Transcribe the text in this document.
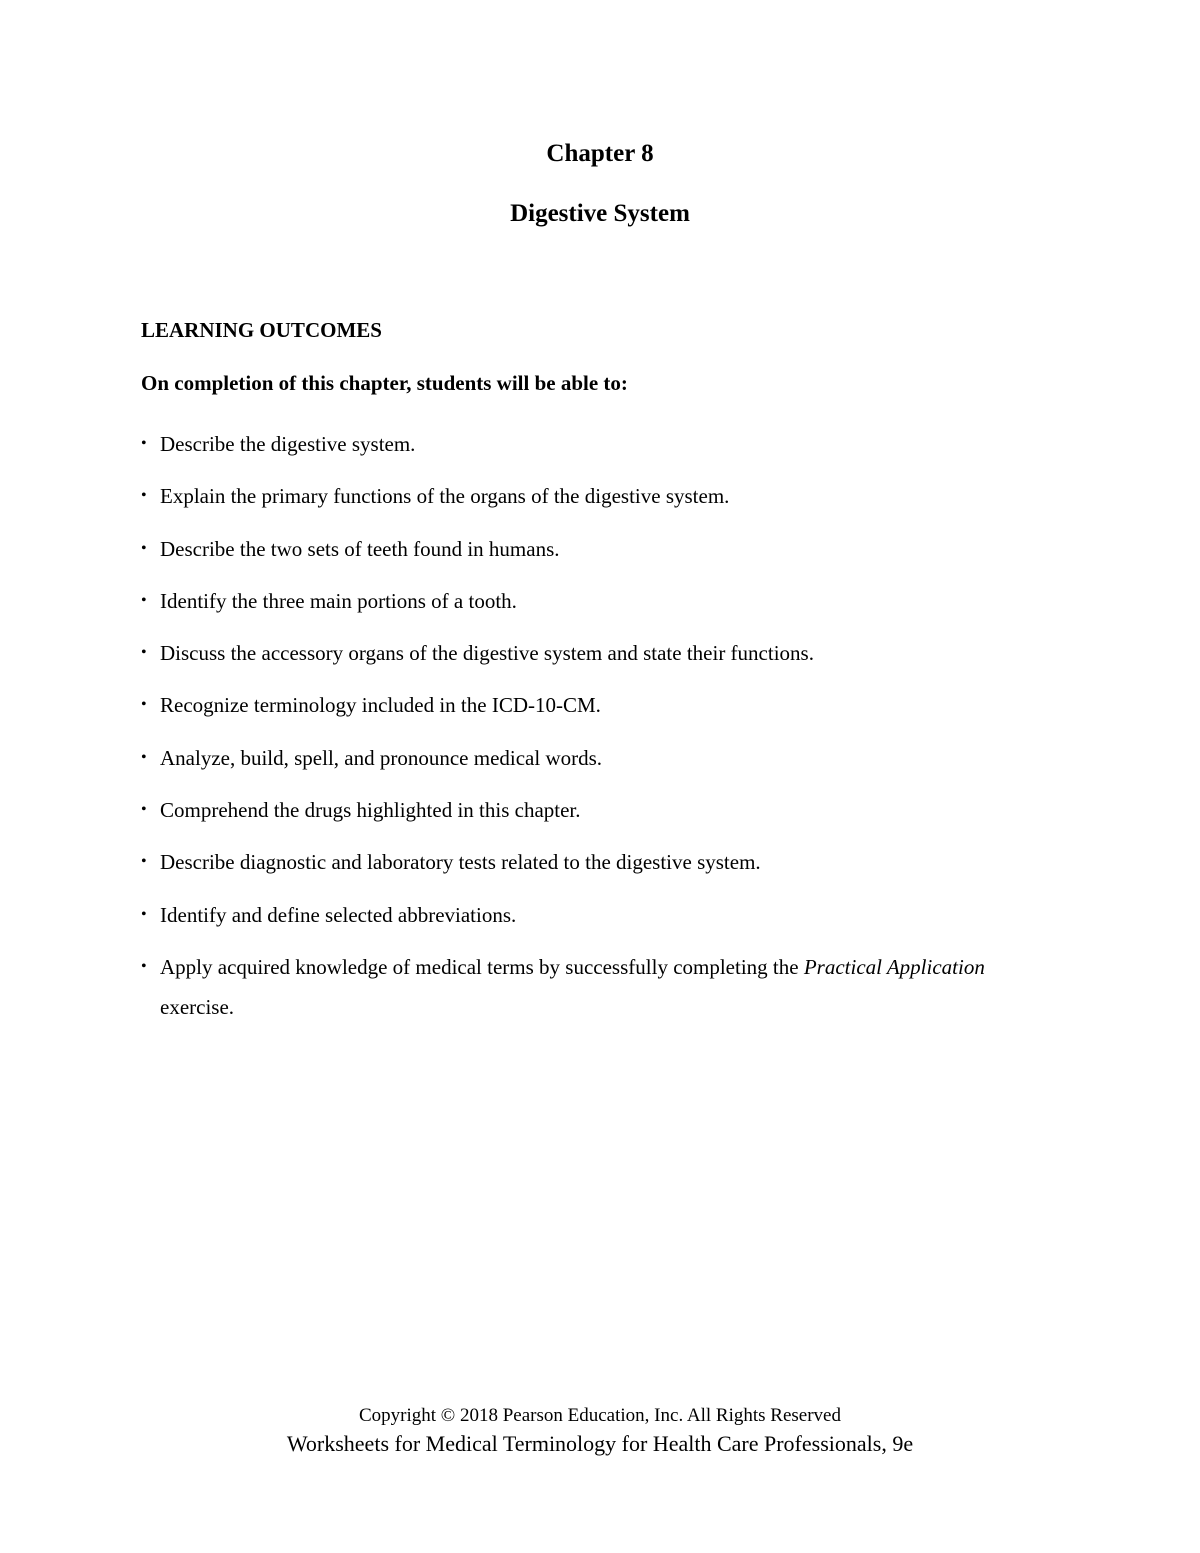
Chapter 8
Digestive System
LEARNING OUTCOMES

On completion of this chapter, students will be able to:

• Describe the digestive system.
• Explain the primary functions of the organs of the digestive system.
• Describe the two sets of teeth found in humans.
• Identify the three main portions of a tooth.
• Discuss the accessory organs of the digestive system and state their functions.
• Recognize terminology included in the ICD-10-CM.
• Analyze, build, spell, and pronounce medical words.
• Comprehend the drugs highlighted in this chapter.
• Describe diagnostic and laboratory tests related to the digestive system.
• Identify and define selected abbreviations.
• Apply acquired knowledge of medical terms by successfully completing the Practical Application exercise.
Copyright © 2018 Pearson Education, Inc. All Rights Reserved
Worksheets for Medical Terminology for Health Care Professionals, 9e
